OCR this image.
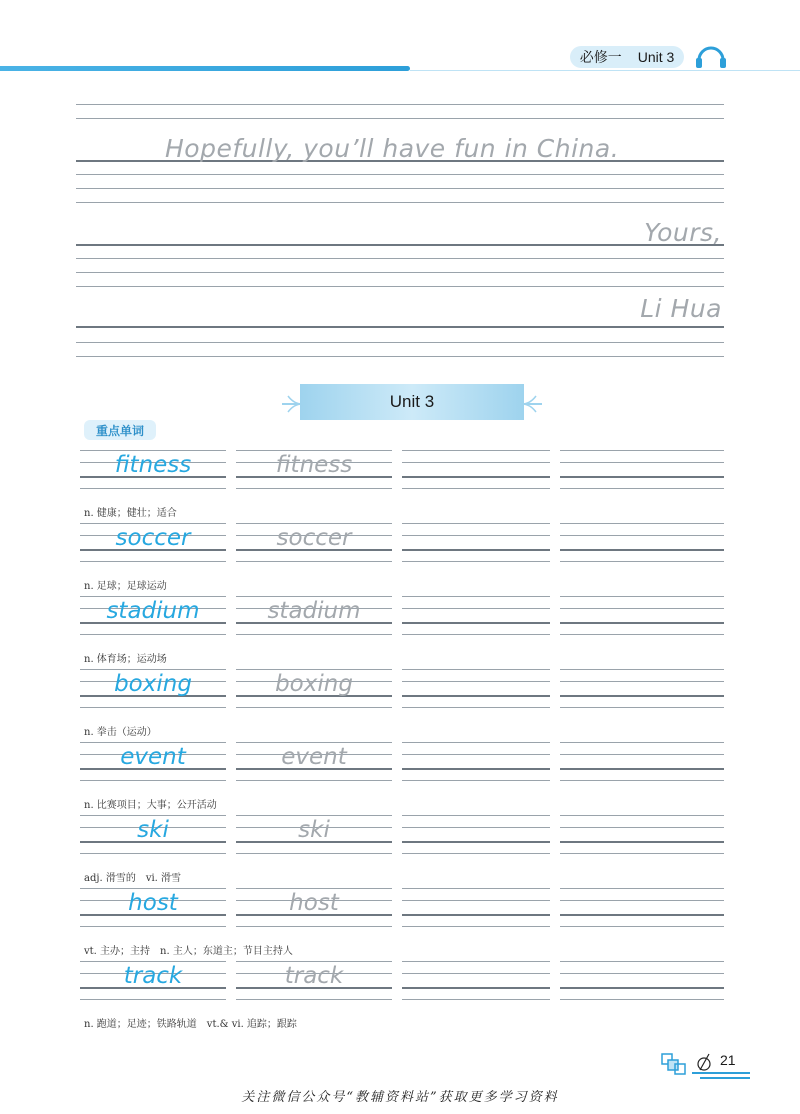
必修一 Unit 3
Hopefully, you’ll have fun in China.
Yours,
Li Hua
Unit 3
重点单词
fitness	fitness
n. 健康；健壮；适合
soccer	soccer
n. 足球；足球运动
stadium	stadium
n. 体育场；运动场
boxing	boxing
n. 拳击（运动）
event	event
n. 比赛项目；大事；公开活动
ski	ski
adj. 滑雪的　vi. 滑雪
host	host
vt. 主办；主持　n. 主人；东道主；节目主持人
track	track
n. 跑道；足迹；铁路轨道　vt.& vi. 追踪；跟踪
21
关注微信公众号“教辅资料站”获取更多学习资料
